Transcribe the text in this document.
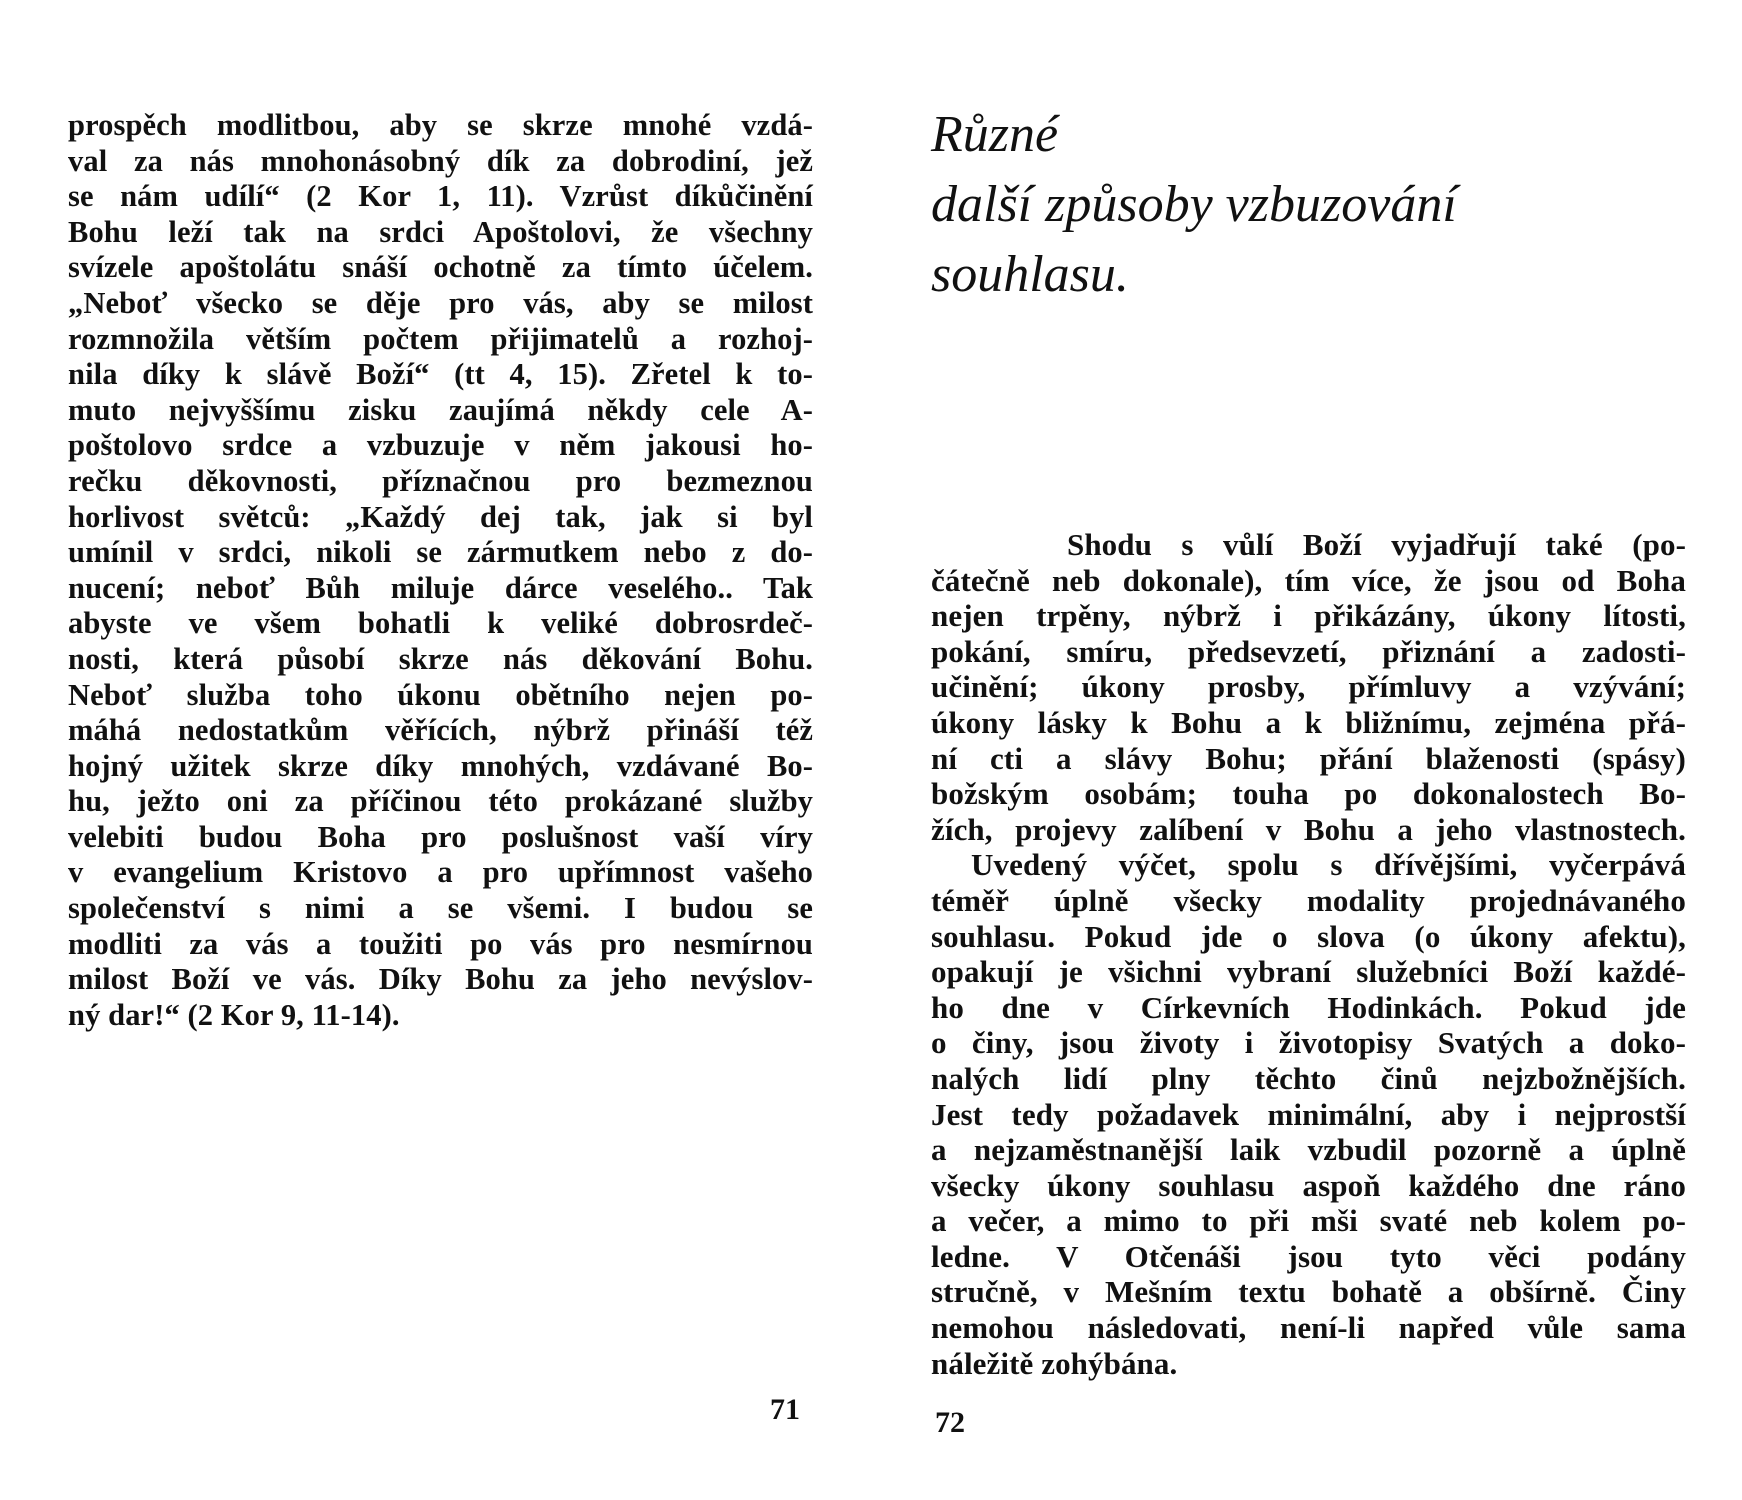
prospěch modlitbou, aby se skrze mnohé vzdá-
val za nás mnohonásobný dík za dobrodiní, jež
se nám udílí“ (2 Kor 1, 11). Vzrůst díkůčinění
Bohu leží tak na srdci Apoštolovi, že všechny
svízele apoštolátu snáší ochotně za tímto účelem.
„Neboť všecko se děje pro vás, aby se milost
rozmnožila větším počtem přijimatelů a rozhoj-
nila díky k slávě Boží“ (tt 4, 15). Zřetel k to-
muto nejvyššímu zisku zaujímá někdy cele A-
poštolovo srdce a vzbuzuje v něm jakousi ho-
rečku děkovnosti, příznačnou pro bezmeznou
horlivost světců: „Každý dej tak, jak si byl
umínil v srdci, nikoli se zármutkem nebo z do-
nucení; neboť Bůh miluje dárce veselého.. Tak
abyste ve všem bohatli k veliké dobrosrdeč-
nosti, která působí skrze nás děkování Bohu.
Neboť služba toho úkonu obětního nejen po-
máhá nedostatkům věřících, nýbrž přináší též
hojný užitek skrze díky mnohých, vzdávané Bo-
hu, ježto oni za příčinou této prokázané služby
velebiti budou Boha pro poslušnost vaší víry
v evangelium Kristovo a pro upřímnost vašeho
společenství s nimi a se všemi. I budou se
modliti za vás a toužiti po vás pro nesmírnou
milost Boží ve vás. Díky Bohu za jeho nevýslov-
ný dar!“ (2 Kor 9, 11-14).

71
Různé
další způsoby vzbuzování
souhlasu.

Shodu s vůlí Boží vyjadřují také (po-
čátečně neb dokonale), tím více, že jsou od Boha
nejen trpěny, nýbrž i přikázány, úkony lítosti,
pokání, smíru, předsevzetí, přiznání a zadosti-
učinění; úkony prosby, přímluvy a vzývání;
úkony lásky k Bohu a k bližnímu, zejména přá-
ní cti a slávy Bohu; přání blaženosti (spásy)
božským osobám; touha po dokonalostech Bo-
žích, projevy zalíbení v Bohu a jeho vlastnostech.
Uvedený výčet, spolu s dřívějšími, vyčerpává
téměř úplně všecky modality projednávaného
souhlasu. Pokud jde o slova (o úkony afektu),
opakují je všichni vybraní služebníci Boží každé-
ho dne v Církevních Hodinkách. Pokud jde
o činy, jsou životy i životopisy Svatých a doko-
nalých lidí plny těchto činů nejzbožnějších.
Jest tedy požadavek minimální, aby i nejprostší
a nejzaměstnanější laik vzbudil pozorně a úplně
všecky úkony souhlasu aspoň každého dne ráno
a večer, a mimo to při mši svaté neb kolem po-
ledne. V Otčenáši jsou tyto věci podány
stručně, v Mešním textu bohatě a obšírně. Činy
nemohou následovati, není-li napřed vůle sama
náležitě zohýbána.

72
